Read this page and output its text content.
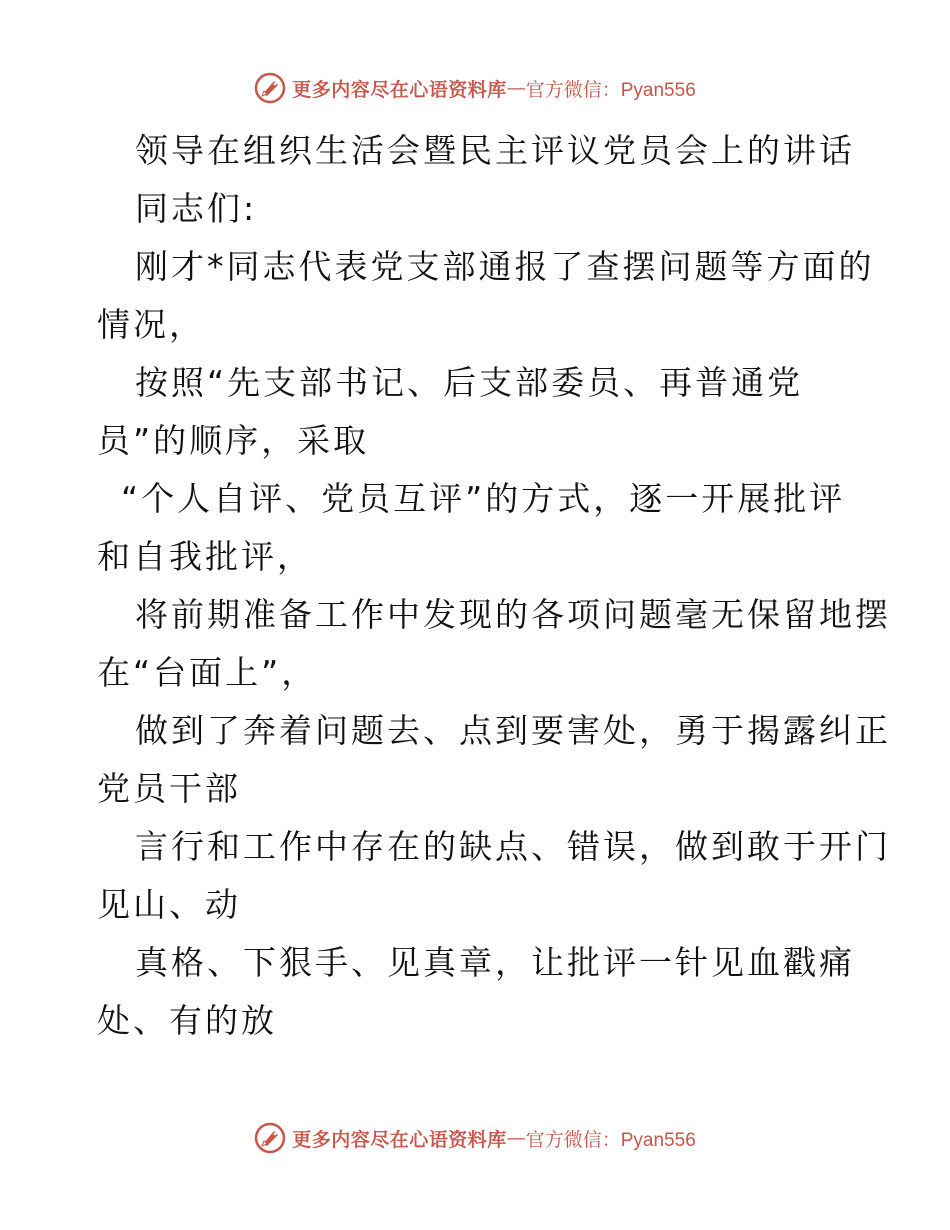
更多内容尽在心语资料库 — 官方微信：Pyan556
领导在组织生活会暨民主评议党员会上的讲话
同志们:
刚才*同志代表党支部通报了查摆问题等方面的
情况，
按照“先支部书记、后支部委员、再普通党
员”的顺序，采取
“个人自评、党员互评”的方式，逐一开展批评
和自我批评，
将前期准备工作中发现的各项问题毫无保留地摆
在“台面上”，
做到了奔着问题去、点到要害处，勇于揭露纠正
党员干部
言行和工作中存在的缺点、错误，做到敢于开门
见山、动
真格、下狠手、见真章，让批评一针见血戳痛
处、有的放
更多内容尽在心语资料库 — 官方微信：Pyan556
